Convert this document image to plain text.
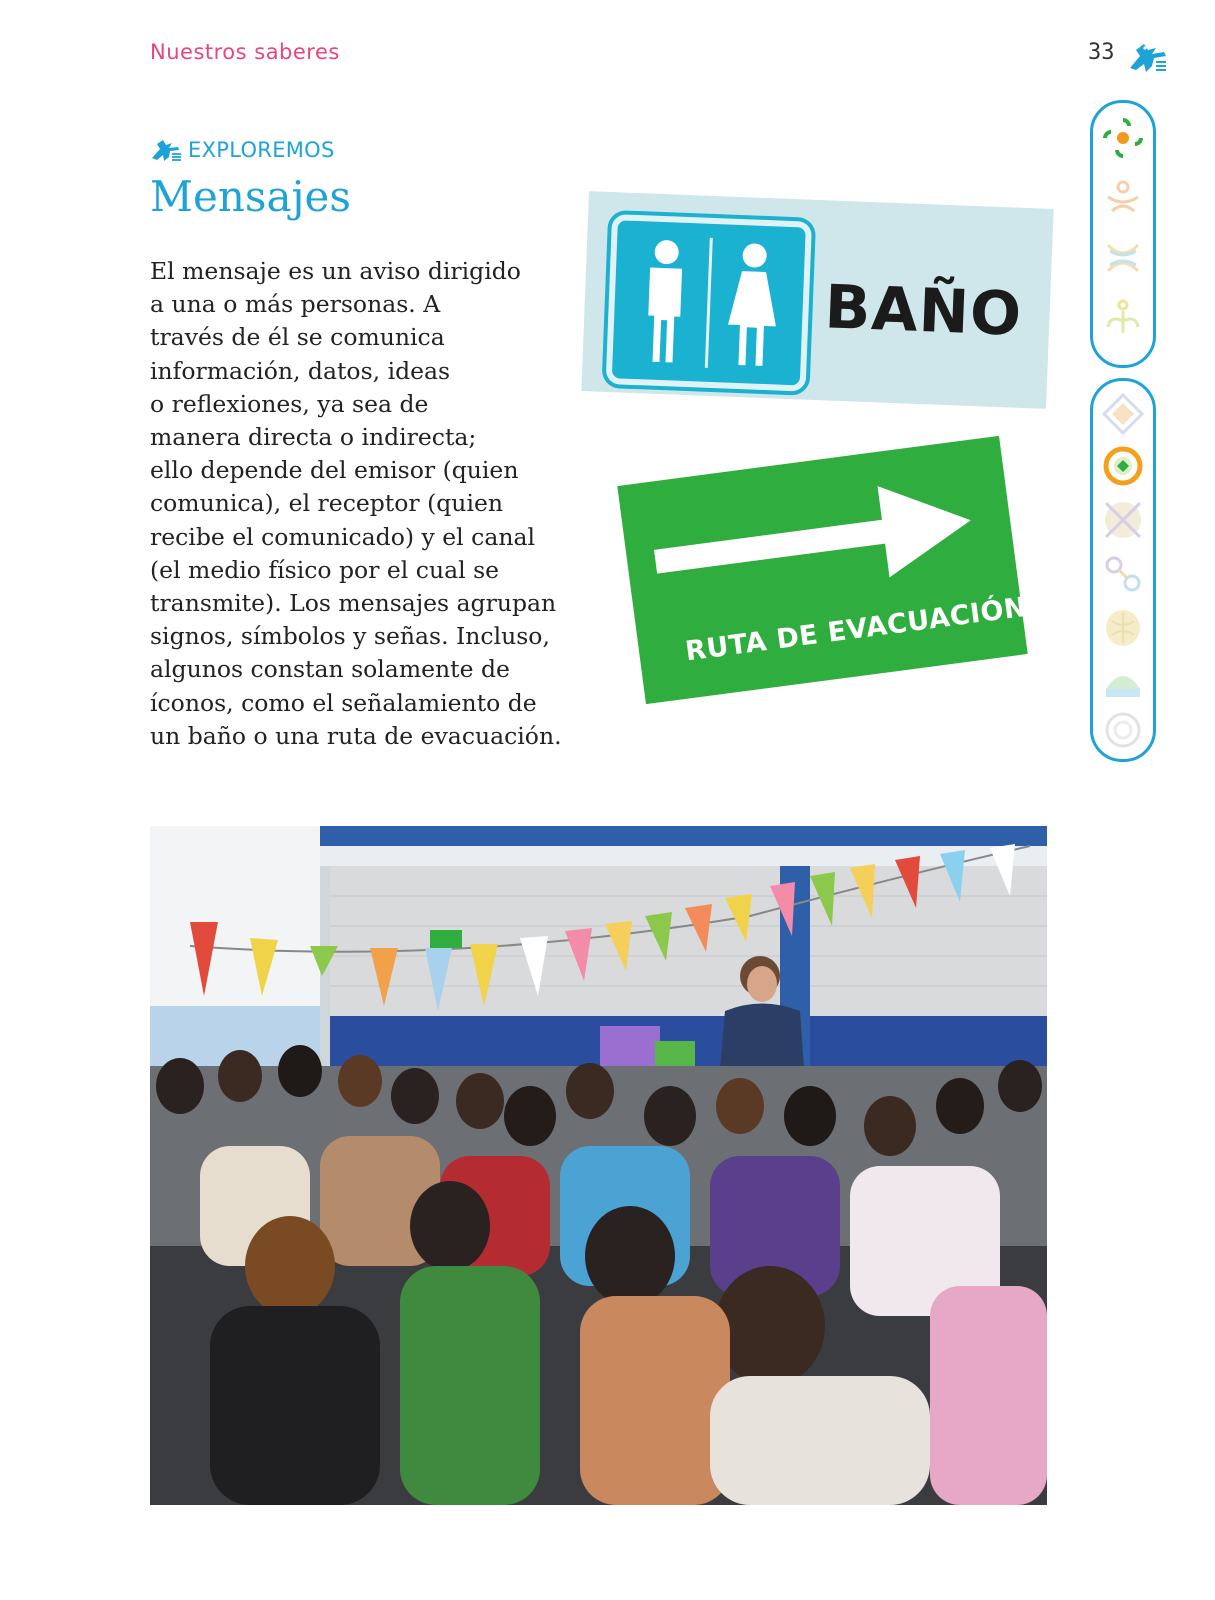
Nuestros saberes	33
EXPLOREMOS
Mensajes
El mensaje es un aviso dirigido
a una o más personas. A
través de él se comunica
información, datos, ideas
o reflexiones, ya sea de
manera directa o indirecta;
ello depende del emisor (quien
comunica), el receptor (quien
recibe el comunicado) y el canal
(el medio físico por el cual se
transmite). Los mensajes agrupan
signos, símbolos y señas. Incluso,
algunos constan solamente de
íconos, como el señalamiento de
un baño o una ruta de evacuación.
BAÑO
RUTA DE EVACUACIÓN
